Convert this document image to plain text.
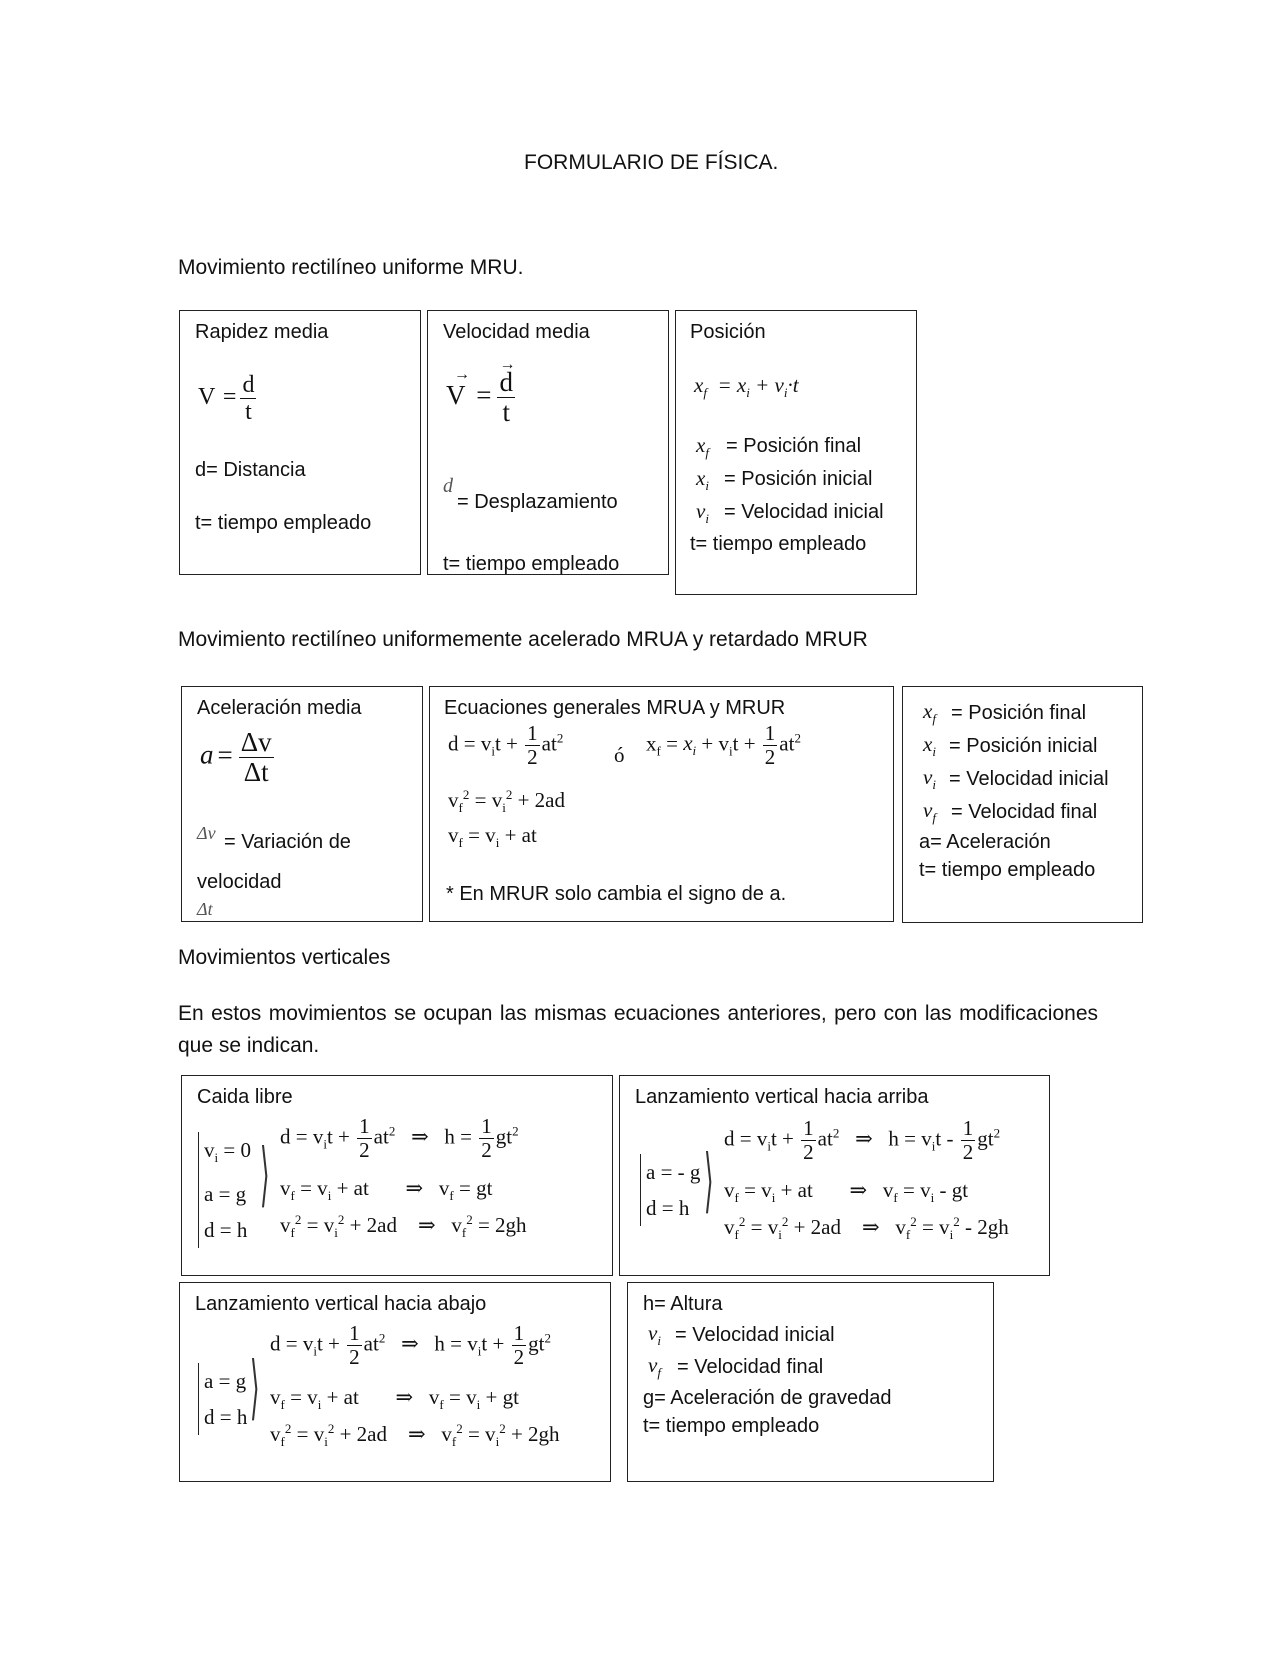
FORMULARIO DE FÍSICA.
Movimiento rectilíneo uniforme MRU.
Rapidez media
$V = \frac{d}{t}$
d= Distancia
t= tiempo empleado
Velocidad media
V
→
= d
→
t
d
= Desplazamiento
t= tiempo empleado
Posición
$x_f = x_i + v_i\cdot t$
$x_f$ = Posición final
$x_i$ = Posición inicial
$v_i$ = Velocidad inicial
t= tiempo empleado
Movimiento rectilíneo uniformemente acelerado MRUA y retardado MRUR
Aceleración media
$a = \frac{\Delta v}{\Delta t}$
Δv = Variación de
velocidad
Δt
Ecuaciones generales MRUA y MRUR
$d = v_it + \frac{1}{2} at^2$
ó $x_f = x_i + v_it + \frac{1}{2} at^2$
$v_f^2 = v_i^2 + 2ad$
$v_f = v_i$ + at
* En MRUR solo cambia el signo de a.
$x_f$ = Posición final
$x_i$ = Posición inicial
$v_i$ = Velocidad inicial
$v_f$ = Velocidad final
a= Aceleración
t= tiempo empleado
Movimientos verticales
En estos movimientos se ocupan las mismas ecuaciones anteriores, pero con las modificaciones que se indican.
Caida libre
$v_i = 0$
a = g
d = h
⟩
$d = v_it + \frac{1}{2} at^2$   ⇒   $h = \frac{1}{2} gt^2$
$v_f = v_i$ + at       ⇒   $v_f$ = gt
$v_f^2 = v_i^2 + 2ad$    ⇒   $v_f^2 = 2gh$
Lanzamiento vertical hacia arriba
a = - g
d = h ⟩
$d = v_it + \frac{1}{2} at^2$   ⇒   $h = v_it - \frac{1}{2} gt^2$
$v_f = v_i$ + at       ⇒   $v_f = v_i$ - gt
$v_f^2 = v_i^2 + 2ad$    ⇒   $v_f^2 = v_i^2 - 2gh$
Lanzamiento vertical hacia abajo
a = g
d = h ⟩
$d = v_it + \frac{1}{2} at^2$   ⇒   $h = v_it + \frac{1}{2} gt^2$
$v_f = v_i$ + at       ⇒   $v_f = v_i$ + gt
$v_f^2 = v_i^2 + 2ad$    ⇒   $v_f^2 = v_i^2 + 2gh$
h= Altura
$v_i$ = Velocidad inicial
$v_f$ = Velocidad final
g= Aceleración de gravedad
t= tiempo empleado
